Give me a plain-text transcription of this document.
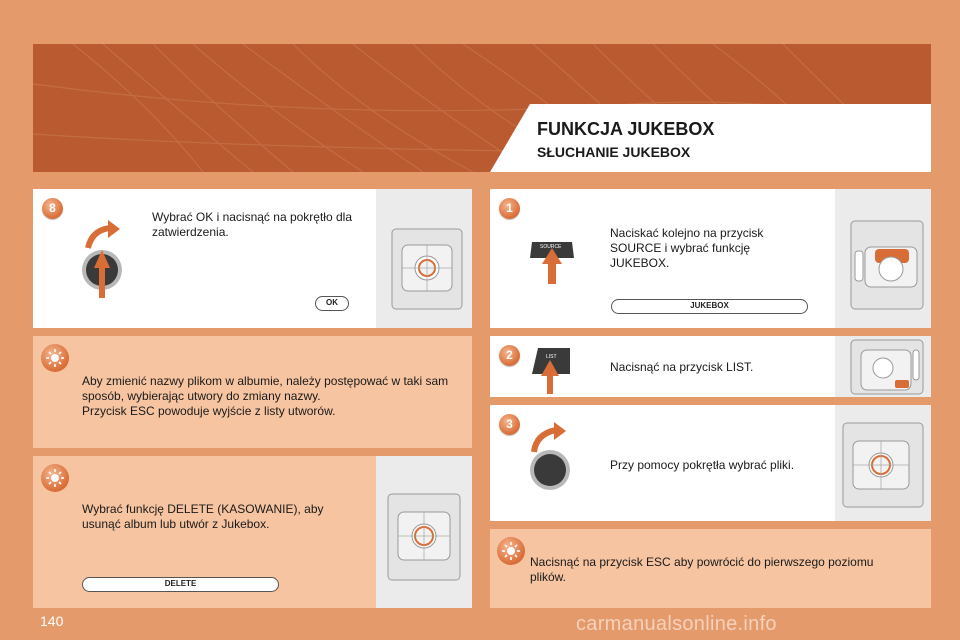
FUNKCJA JUKEBOX
SŁUCHANIE JUKEBOX
8
Wybrać OK i nacisnąć na pokrętło dla zatwierdzenia.
OK
Aby zmienić nazwy plikom w albumie, należy postępować w taki sam sposób, wybierając utwory do zmiany nazwy.
Przycisk ESC powoduje wyjście z listy utworów.
Wybrać funkcję DELETE (KASOWANIE), aby usunąć album lub utwór z Jukebox.
DELETE
1
SOURCE
Naciskać kolejno na przycisk SOURCE i wybrać funkcję JUKEBOX.
JUKEBOX
2	LIST
Nacisnąć na przycisk LIST.
3
Przy pomocy pokrętła wybrać pliki.
Nacisnąć na przycisk ESC aby powrócić do pierwszego poziomu plików.
140	carmanualsonline.info
